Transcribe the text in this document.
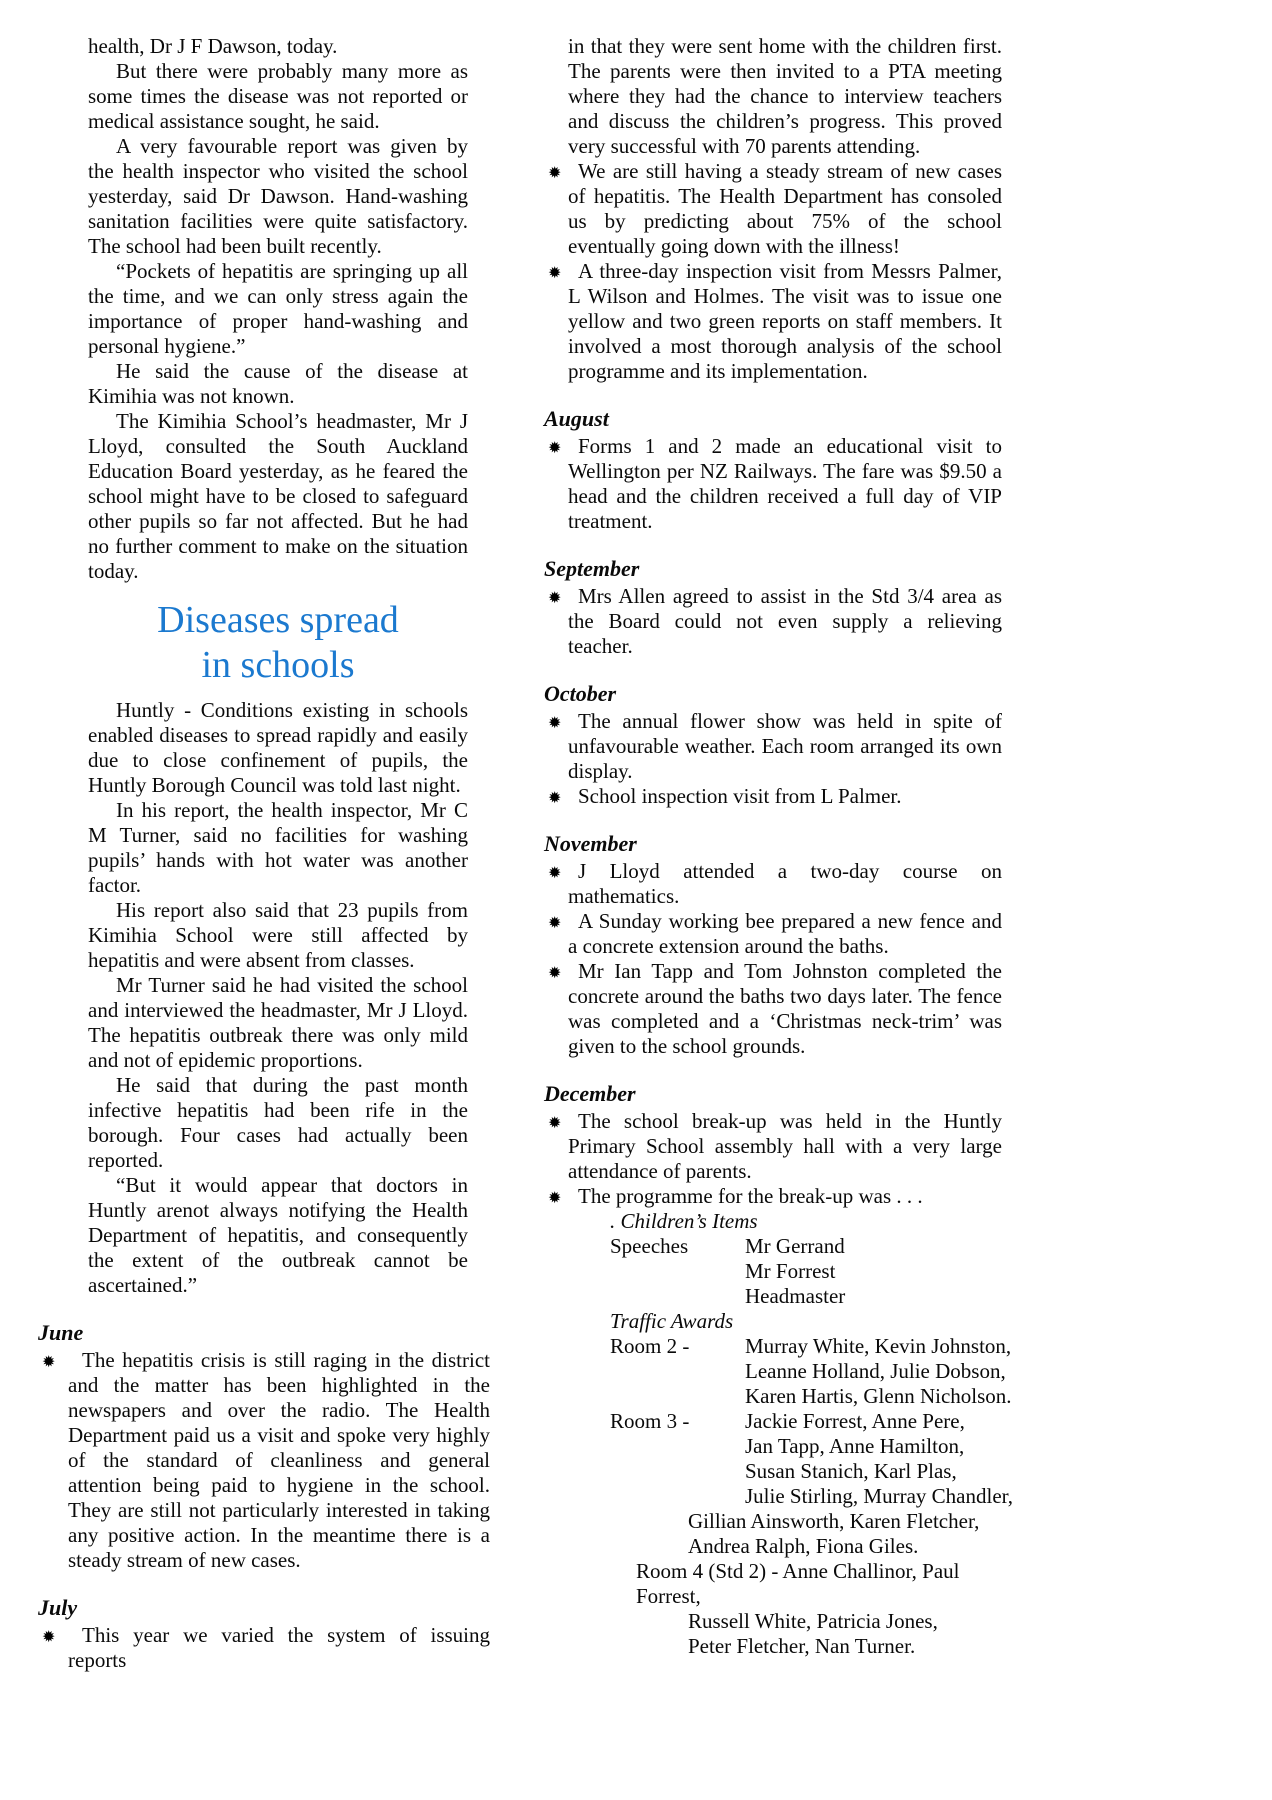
health, Dr J F Dawson, today.

But there were probably many more as some times the disease was not reported or medical assistance sought, he said.

A very favourable report was given by the health inspector who visited the school yesterday, said Dr Dawson. Hand-washing sanitation facilities were quite satisfactory. The school had been built recently.

“Pockets of hepatitis are springing up all the time, and we can only stress again the importance of proper hand-washing and personal hygiene.”

He said the cause of the disease at Kimihia was not known.

The Kimihia School’s headmaster, Mr J Lloyd, consulted the South Auckland Education Board yesterday, as he feared the school might have to be closed to safeguard other pupils so far not affected. But he had no further comment to make on the situation today.

Diseases spread
in schools

Huntly - Conditions existing in schools enabled diseases to spread rapidly and easily due to close confinement of pupils, the Huntly Borough Council was told last night.

In his report, the health inspector, Mr C M Turner, said no facilities for washing pupils’ hands with hot water was another factor.

His report also said that 23 pupils from Kimihia School were still affected by hepatitis and were absent from classes.

Mr Turner said he had visited the school and interviewed the headmaster, Mr J Lloyd. The hepatitis outbreak there was only mild and not of epidemic proportions.

He said that during the past month infective hepatitis had been rife in the borough. Four cases had actually been reported.

“But it would appear that doctors in Huntly arenot always notifying the Health Department of hepatitis, and consequently the extent of the outbreak cannot be ascertained.”

June
✹	The hepatitis crisis is still raging in the district and the matter has been highlighted in the newspapers and over the radio. The Health Department paid us a visit and spoke very highly of the standard of cleanliness and general attention being paid to hygiene in the school. They are still not particularly interested in taking any positive action. In the meantime there is a steady stream of new cases.

July
✹	This year we varied the system of issuing reports

in that they were sent home with the children first. The parents were then invited to a PTA meeting where they had the chance to interview teachers and discuss the children’s progress. This proved very successful with 70 parents attending.

✹ We are still having a steady stream of new cases of hepatitis. The Health Department has consoled us by predicting about 75% of the school eventually going down with the illness!

✹ A three-day inspection visit from Messrs Palmer, L Wilson and Holmes. The visit was to issue one yellow and two green reports on staff members. It involved a most thorough analysis of the school programme and its implementation.

August
✹ Forms 1 and 2 made an educational visit to Wellington per NZ Railways. The fare was $9.50 a head and the children received a full day of VIP treatment.

September
✹ Mrs Allen agreed to assist in the Std 3/4 area as the Board could not even supply a relieving teacher.

October
✹ The annual flower show was held in spite of unfavourable weather. Each room arranged its own display.

✹ School inspection visit from L Palmer.

November
✹ J Lloyd attended a two-day course on mathematics.

✹ A Sunday working bee prepared a new fence and a concrete extension around the baths.

✹ Mr Ian Tapp and Tom Johnston completed the concrete around the baths two days later. The fence was completed and a ‘Christmas neck-trim’ was given to the school grounds.

December
✹ The school break-up was held in the Huntly Primary School assembly hall with a very large attendance of parents.

✹ The programme for the break-up was . . .

. Children’s Items

Speeches	Mr Gerrand
Mr Forrest
Headmaster

Traffic Awards

Room 2 -	Murray White, Kevin Johnston,
Leanne Holland, Julie Dobson,
Karen Hartis, Glenn Nicholson.
Room 3 -	Jackie Forrest, Anne Pere,
Jan Tapp, Anne Hamilton,
Susan Stanich, Karl Plas,
Julie Stirling, Murray Chandler,

Gillian Ainsworth, Karen Fletcher,

Andrea Ralph, Fiona Giles.

Room 4 (Std 2) - Anne Challinor, Paul Forrest,

Russell White, Patricia Jones,

Peter Fletcher, Nan Turner.
